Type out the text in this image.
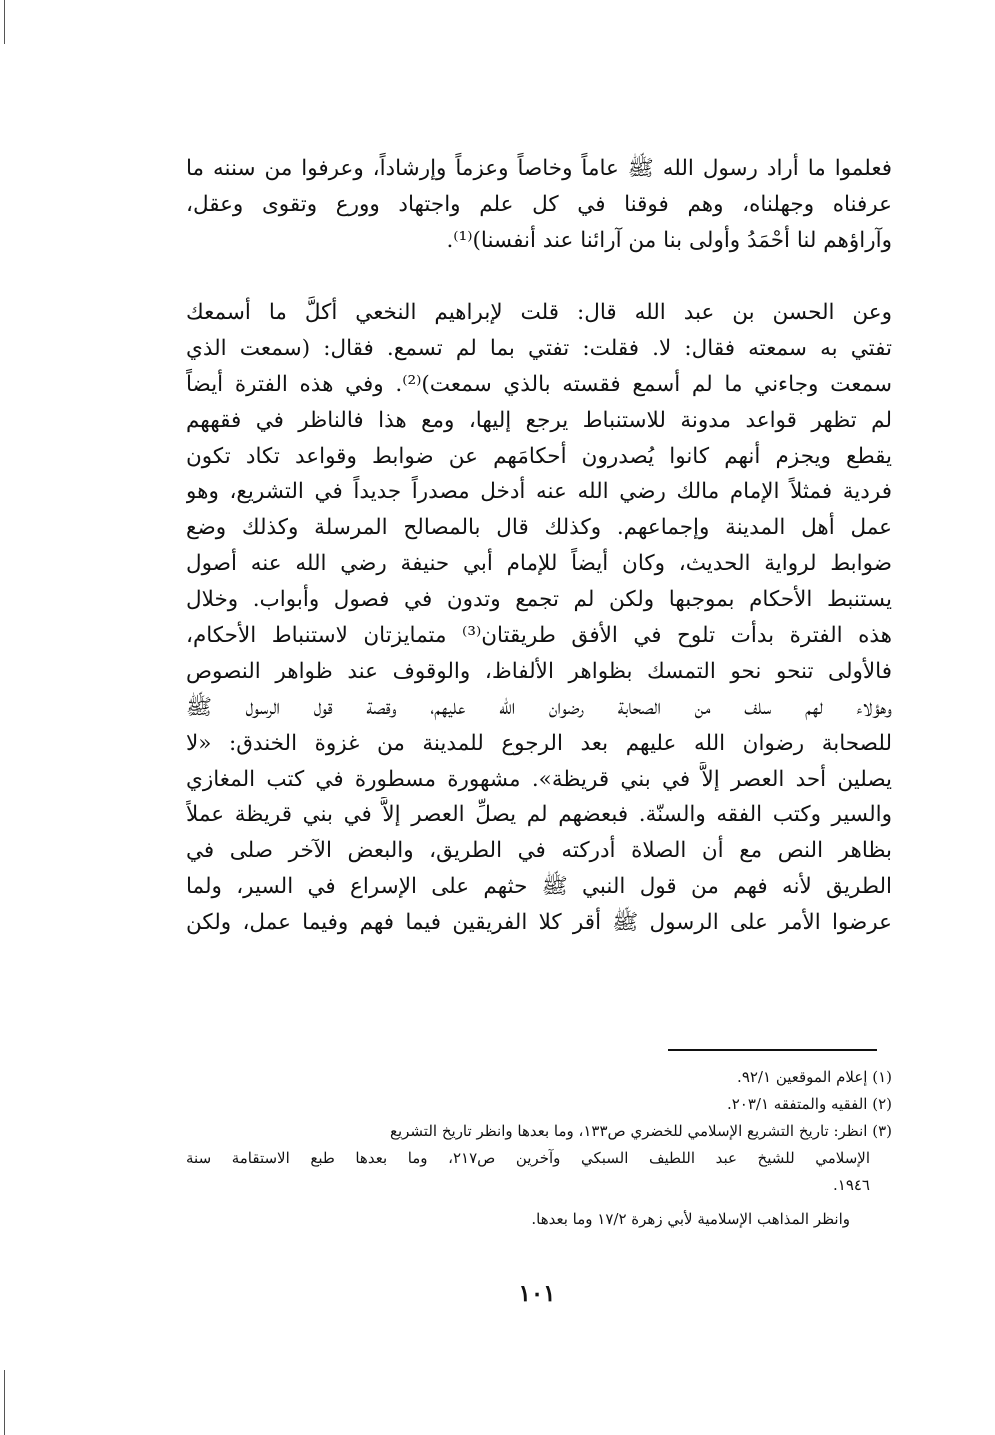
فعلموا ما أراد رسول الله ﷺ عاماً وخاصاً وعزماً وإرشاداً، وعرفوا من سننه ما
عرفناه وجهلناه، وهم فوقنا في كل علم واجتهاد وورع وتقوى وعقل،
وآراؤهم لنا أحْمَدُ وأولى بنا من آرائنا عند أنفسنا)⁽¹⁾.
وعن الحسن بن عبد الله قال: قلت لإبراهيم النخعي أكلَّ ما أسمعك
تفتي به سمعته فقال: لا. فقلت: تفتي بما لم تسمع. فقال: (سمعت الذي
سمعت وجاءني ما لم أسمع فقسته بالذي سمعت)⁽²⁾. وفي هذه الفترة أيضاً
لم تظهر قواعد مدونة للاستنباط يرجع إليها، ومع هذا فالناظر في فقههم
يقطع ويجزم أنهم كانوا يُصدرون أحكامَهم عن ضوابط وقواعد تكاد تكون
فردية فمثلاً الإمام مالك رضي الله عنه أدخل مصدراً جديداً في التشريع، وهو
عمل أهل المدينة وإجماعهم. وكذلك قال بالمصالح المرسلة وكذلك وضع
ضوابط لرواية الحديث، وكان أيضاً للإمام أبي حنيفة رضي الله عنه أصول
يستنبط الأحكام بموجبها ولكن لم تجمع وتدون في فصول وأبواب. وخلال
هذه الفترة بدأت تلوح في الأفق طريقتان⁽³⁾ متمايزتان لاستنباط الأحكام،
فالأولى تنحو نحو التمسك بظواهر الألفاظ، والوقوف عند ظواهر النصوص
وهؤلاء لهم سلف من الصحابة رضوان الله عليهم، وقصة قول الرسول ﷺ
للصحابة رضوان الله عليهم بعد الرجوع للمدينة من غزوة الخندق: «لا
يصلين أحد العصر إلاَّ في بني قريظة». مشهورة مسطورة في كتب المغازي
والسير وكتب الفقه والسنّة. فبعضهم لم يصلِّ العصر إلاَّ في بني قريظة عملاً
بظاهر النص مع أن الصلاة أدركته في الطريق، والبعض الآخر صلى في
الطريق لأنه فهم من قول النبي ﷺ حثهم على الإسراع في السير، ولما
عرضوا الأمر على الرسول ﷺ أقر كلا الفريقين فيما فهم وفيما عمل، ولكن
(١) إعلام الموقعين ٩٢/١.
(٢) الفقيه والمتفقه ٢٠٣/١.
(٣) انظر: تاريخ التشريع الإسلامي للخضري ص١٣٣، وما بعدها وانظر تاريخ التشريع
الإسلامي للشيخ عبد اللطيف السبكي وآخرين ص٢١٧، وما بعدها طبع الاستقامة سنة
١٩٤٦.
وانظر المذاهب الإسلامية لأبي زهرة ١٧/٢ وما بعدها.
١٠١
